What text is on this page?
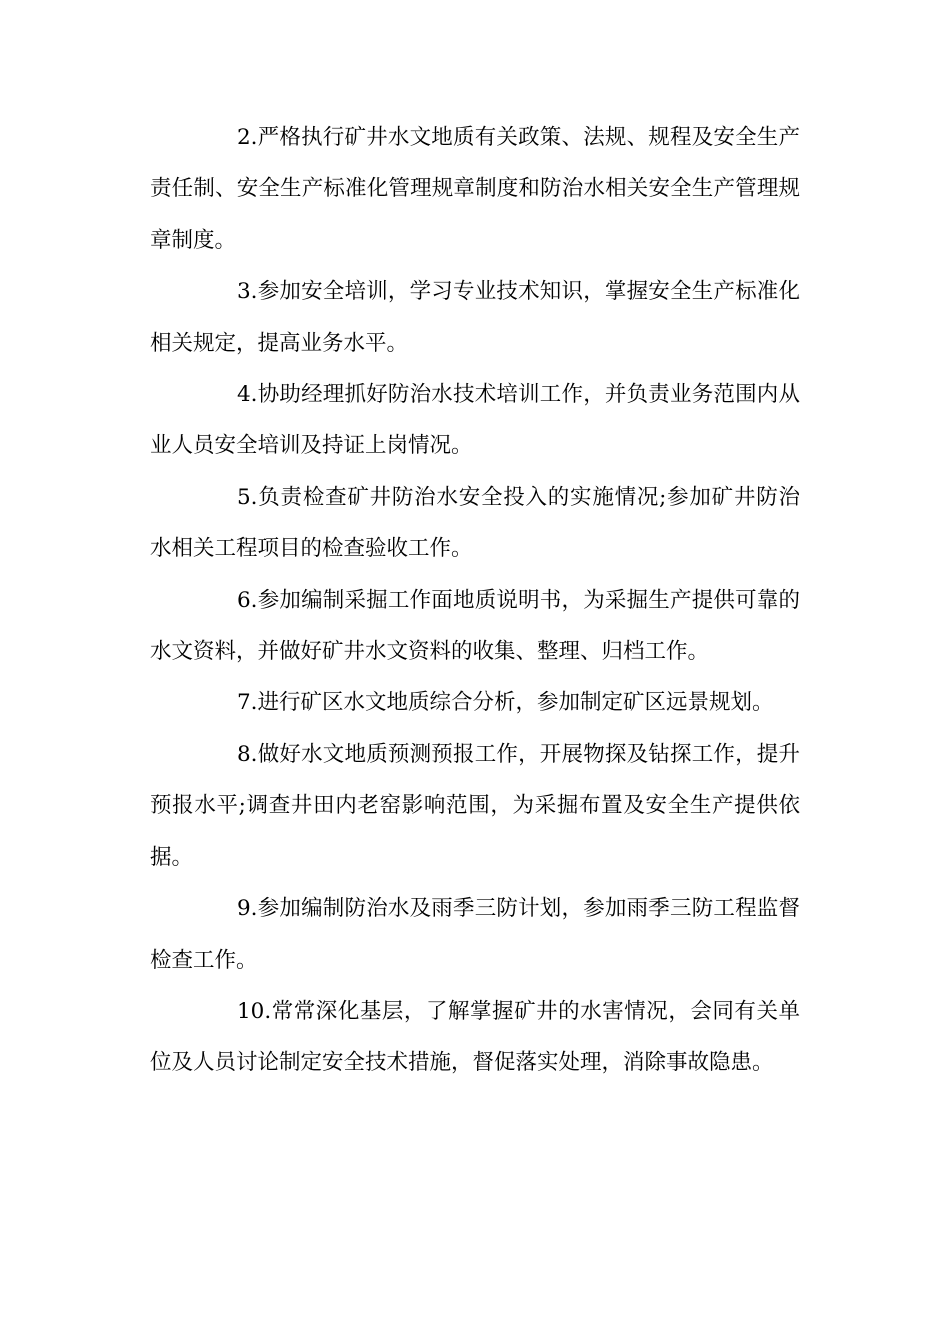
2.严格执行矿井水文地质有关政策、法规、规程及安全生产责任制、安全生产标准化管理规章制度和防治水相关安全生产管理规章制度。

3.参加安全培训，学习专业技术知识，掌握安全生产标准化相关规定，提高业务水平。

4.协助经理抓好防治水技术培训工作，并负责业务范围内从业人员安全培训及持证上岗情况。

5.负责检查矿井防治水安全投入的实施情况;参加矿井防治水相关工程项目的检查验收工作。

6.参加编制采掘工作面地质说明书，为采掘生产提供可靠的水文资料，并做好矿井水文资料的收集、整理、归档工作。

7.进行矿区水文地质综合分析，参加制定矿区远景规划。

8.做好水文地质预测预报工作，开展物探及钻探工作，提升预报水平;调查井田内老窑影响范围，为采掘布置及安全生产提供依据。

9.参加编制防治水及雨季三防计划，参加雨季三防工程监督检查工作。

10.常常深化基层，了解掌握矿井的水害情况，会同有关单位及人员讨论制定安全技术措施，督促落实处理，消除事故隐患。
